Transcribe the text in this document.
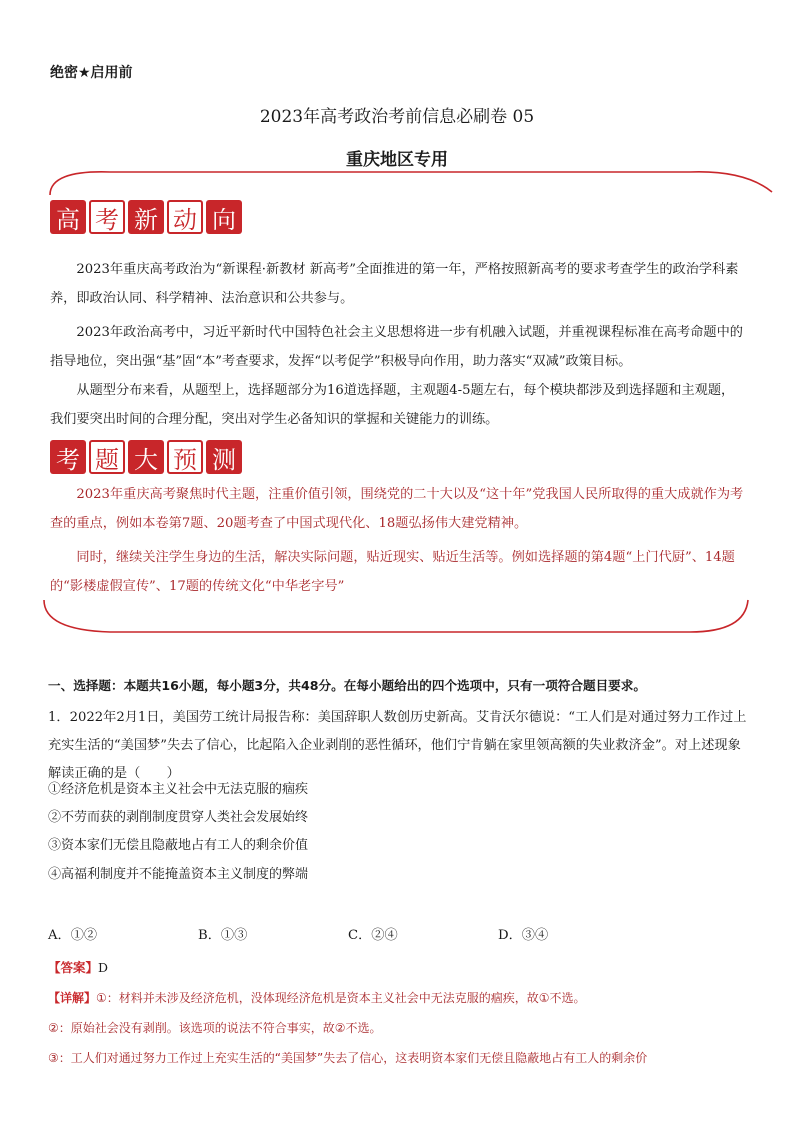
绝密★启用前
2023年高考政治考前信息必刷卷 05
重庆地区专用
高 考 新 动 向
2023年重庆高考政治为“新课程·新教材 新高考”全面推进的第一年，严格按照新高考的要求考查学生的政治学科素养，即政治认同、科学精神、法治意识和公共参与。
2023年政治高考中，习近平新时代中国特色社会主义思想将进一步有机融入试题，并重视课程标准在高考命题中的指导地位，突出强“基”固“本”考查要求，发挥“以考促学”积极导向作用，助力落实“双减”政策目标。
从题型分布来看，从题型上，选择题部分为16道选择题，主观题4-5题左右，每个模块都涉及到选择题和主观题，我们要突出时间的合理分配，突出对学生必备知识的掌握和关键能力的训练。
考 题 大 预 测
2023年重庆高考聚焦时代主题，注重价值引领，围绕党的二十大以及“这十年”党我国人民所取得的重大成就作为考查的重点，例如本卷第7题、20题考查了中国式现代化、18题弘扬伟大建党精神。
同时，继续关注学生身边的生活，解决实际问题，贴近现实、贴近生活等。例如选择题的第4题“上门代厨”、14题的“影楼虚假宣传”、17题的传统文化“中华老字号”
一、选择题：本题共16小题，每小题3分，共48分。在每小题给出的四个选项中，只有一项符合题目要求。
1．2022年2月1日，美国劳工统计局报告称：美国辞职人数创历史新高。艾肯沃尔德说：“工人们是对通过努力工作过上充实生活的“美国梦”失去了信心，比起陷入企业剥削的恶性循环，他们宁肯躺在家里领高额的失业救济金”。对上述现象解读正确的是（　　）
①经济危机是资本主义社会中无法克服的痼疾
②不劳而获的剥削制度贯穿人类社会发展始终
③资本家们无偿且隐蔽地占有工人的剩余价值
④高福利制度并不能掩盖资本主义制度的弊端
A．①②	B．①③	C．②④	D．③④
【答案】D
【详解】①：材料并未涉及经济危机，没体现经济危机是资本主义社会中无法克服的痼疾，故①不选。
②：原始社会没有剥削。该选项的说法不符合事实，故②不选。
③：工人们对通过努力工作过上充实生活的“美国梦”失去了信心，这表明资本家们无偿且隐蔽地占有工人的剩余价
